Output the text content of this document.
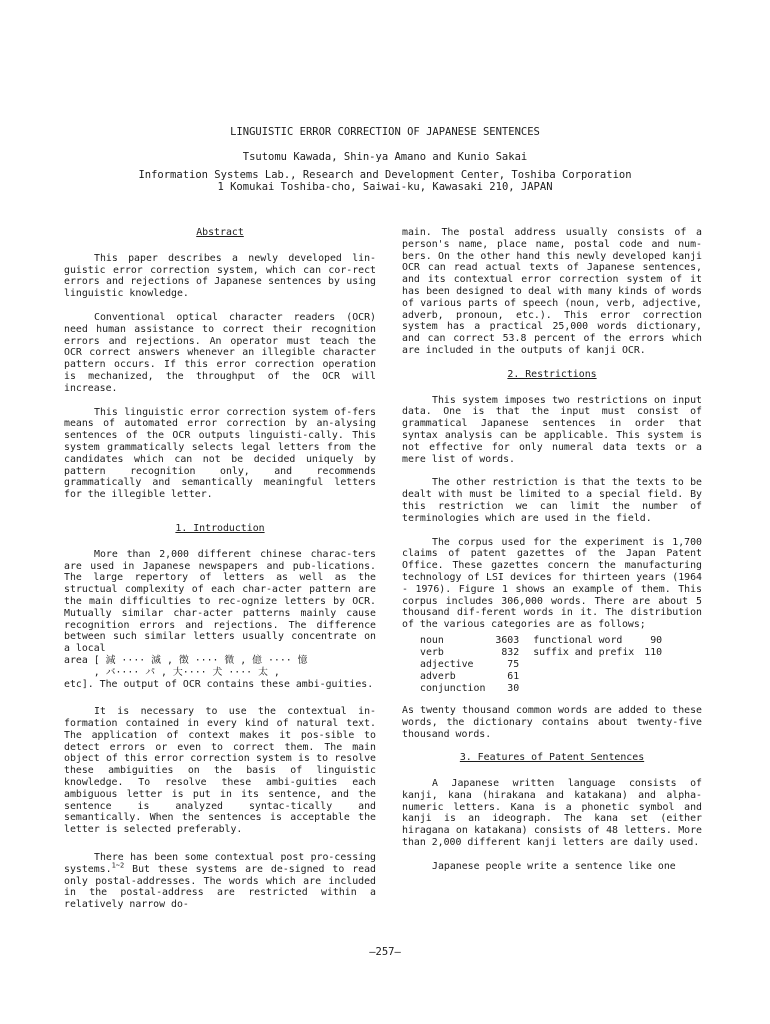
LINGUISTIC ERROR CORRECTION OF JAPANESE SENTENCES
Tsutomu Kawada, Shin-ya Amano and Kunio Sakai
Information Systems Lab., Research and Development Center, Toshiba Corporation
1 Komukai Toshiba-cho, Saiwai-ku, Kawasaki 210, JAPAN
Abstract

This paper describes a newly developed lin-guistic error correction system, which can cor-rect errors and rejections of Japanese sentences by using linguistic knowledge.

Conventional optical character readers (OCR) need human assistance to correct their recognition errors and rejections. An operator must teach the OCR correct answers whenever an illegible character pattern occurs. If this error correction operation is mechanized, the throughput of the OCR will increase.

This linguistic error correction system of-fers means of automated error correction by an-alysing sentences of the OCR outputs linguisti-cally. This system grammatically selects legal letters from the candidates which can not be decided uniquely by pattern recognition only, and recommends grammatically and semantically meaningful letters for the illegible letter.

1. Introduction

More than 2,000 different chinese charac-ters are used in Japanese newspapers and pub-lications. The large repertory of letters as well as the structual complexity of each char-acter pattern are the main difficulties to rec-ognize letters by OCR. Mutually similar char-acter patterns mainly cause recognition errors and rejections. The difference between such similar letters usually concentrate on a local

area [ 減 ···· 滅 , 徴 ···· 微 , 億 ···· 憶
, バ···· パ , 大···· 犬 ···· 太 ,

etc]. The output of OCR contains these ambi-guities.

It is necessary to use the contextual in-formation contained in every kind of natural text. The application of context makes it pos-sible to detect errors or even to correct them. The main object of this error correction system is to resolve these ambiguities on the basis of linguistic knowledge. To resolve these ambi-guities each ambiguous letter is put in its sentence, and the sentence is analyzed syntac-tically and semantically. When the sentences is acceptable the letter is selected preferably.

There has been some contextual post pro-cessing systems.$^{1\sim 2}$ But these systems are de-signed to read only postal-addresses. The words which are included in the postal-address are restricted within a relatively narrow do-

main. The postal address usually consists of a person's name, place name, postal code and num-bers. On the other hand this newly developed kanji OCR can read actual texts of Japanese sentences, and its contextual error correction system of it has been designed to deal with many kinds of words of various parts of speech (noun, verb, adjective, adverb, pronoun, etc.). This error correction system has a practical 25,000 words dictionary, and can correct 53.8 percent of the errors which are included in the outputs of kanji OCR.

2. Restrictions

This system imposes two restrictions on input data. One is that the input must consist of grammatical Japanese sentences in order that syntax analysis can be applicable. This system is not effective for only numeral data texts or a mere list of words.

The other restriction is that the texts to be dealt with must be limited to a special field. By this restriction we can limit the number of terminologies which are used in the field.

The corpus used for the experiment is 1,700 claims of patent gazettes of the Japan Patent Office. These gazettes concern the manufacturing technology of LSI devices for thirteen years (1964 - 1976). Figure 1 shows an example of them. This corpus includes 306,000 words. There are about 5 thousand dif-ferent words in it. The distribution of the various categories are as follows;

noun	3603	functional word	90
verb	832	suffix and prefix	110
adjective	75		
adverb	61		
conjunction	30		

As twenty thousand common words are added to these words, the dictionary contains about twenty-five thousand words.

3. Features of Patent Sentences

A Japanese written language consists of kanji, kana (hirakana and katakana) and alpha-numeric letters. Kana is a phonetic symbol and kanji is an ideograph. The kana set (either hiragana on katakana) consists of 48 letters. More than 2,000 different kanji letters are daily used.

Japanese people write a sentence like one

—257—
